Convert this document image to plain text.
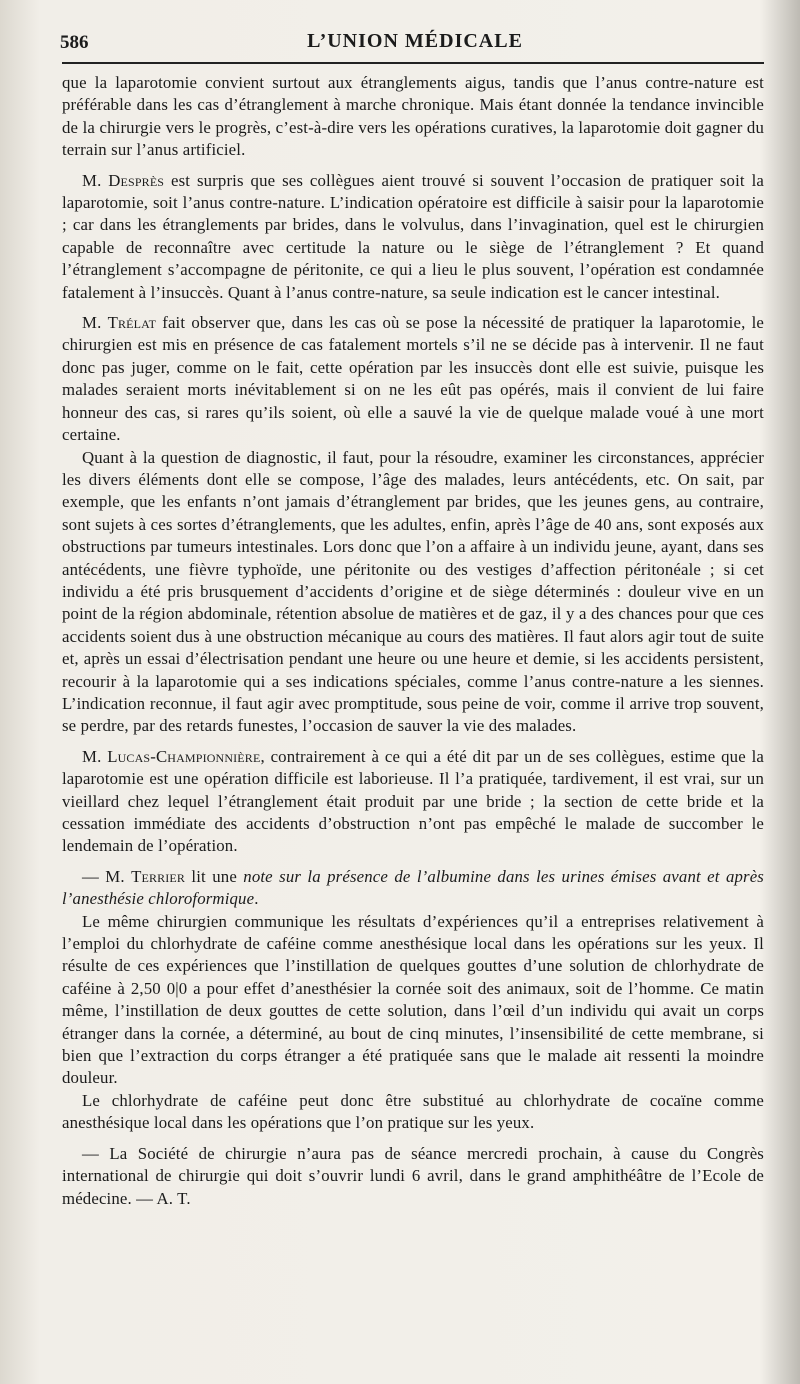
586	L’UNION MÉDICALE

que la laparotomie convient surtout aux étranglements aigus, tandis que l’anus contre-nature est préférable dans les cas d’étranglement à marche chronique. Mais étant donnée la tendance invincible de la chirurgie vers le progrès, c’est-à-dire vers les opérations curatives, la laparotomie doit gagner du terrain sur l’anus artificiel.

M. Desprès est surpris que ses collègues aient trouvé si souvent l’occasion de pratiquer soit la laparotomie, soit l’anus contre-nature. L’indication opératoire est difficile à saisir pour la laparotomie ; car dans les étranglements par brides, dans le volvulus, dans l’invagination, quel est le chirurgien capable de reconnaître avec certitude la nature ou le siège de l’étranglement ? Et quand l’étranglement s’accompagne de péritonite, ce qui a lieu le plus souvent, l’opération est condamnée fatalement à l’insuccès. Quant à l’anus contre-nature, sa seule indication est le cancer intestinal.

M. Trélat fait observer que, dans les cas où se pose la nécessité de pratiquer la laparotomie, le chirurgien est mis en présence de cas fatalement mortels s’il ne se décide pas à intervenir. Il ne faut donc pas juger, comme on le fait, cette opération par les insuccès dont elle est suivie, puisque les malades seraient morts inévitablement si on ne les eût pas opérés, mais il convient de lui faire honneur des cas, si rares qu’ils soient, où elle a sauvé la vie de quelque malade voué à une mort certaine.

Quant à la question de diagnostic, il faut, pour la résoudre, examiner les circonstances, apprécier les divers éléments dont elle se compose, l’âge des malades, leurs antécédents, etc. On sait, par exemple, que les enfants n’ont jamais d’étranglement par brides, que les jeunes gens, au contraire, sont sujets à ces sortes d’étranglements, que les adultes, enfin, après l’âge de 40 ans, sont exposés aux obstructions par tumeurs intestinales. Lors donc que l’on a affaire à un individu jeune, ayant, dans ses antécédents, une fièvre typhoïde, une péritonite ou des vestiges d’affection péritonéale ; si cet individu a été pris brusquement d’accidents d’origine et de siège déterminés : douleur vive en un point de la région abdominale, rétention absolue de matières et de gaz, il y a des chances pour que ces accidents soient dus à une obstruction mécanique au cours des matières. Il faut alors agir tout de suite et, après un essai d’électrisation pendant une heure ou une heure et demie, si les accidents persistent, recourir à la laparotomie qui a ses indications spéciales, comme l’anus contre-nature a les siennes. L’indication reconnue, il faut agir avec promptitude, sous peine de voir, comme il arrive trop souvent, se perdre, par des retards funestes, l’occasion de sauver la vie des malades.

M. Lucas-Championnière, contrairement à ce qui a été dit par un de ses collègues, estime que la laparotomie est une opération difficile est laborieuse. Il l’a pratiquée, tardivement, il est vrai, sur un vieillard chez lequel l’étranglement était produit par une bride ; la section de cette bride et la cessation immédiate des accidents d’obstruction n’ont pas empêché le malade de succomber le lendemain de l’opération.

— M. Terrier lit une note sur la présence de l’albumine dans les urines émises avant et après l’anesthésie chloroformique.

Le même chirurgien communique les résultats d’expériences qu’il a entreprises relativement à l’emploi du chlorhydrate de caféine comme anesthésique local dans les opérations sur les yeux. Il résulte de ces expériences que l’instillation de quelques gouttes d’une solution de chlorhydrate de caféine à 2,50 0|0 a pour effet d’anesthésier la cornée soit des animaux, soit de l’homme. Ce matin même, l’instillation de deux gouttes de cette solution, dans l’œil d’un individu qui avait un corps étranger dans la cornée, a déterminé, au bout de cinq minutes, l’insensibilité de cette membrane, si bien que l’extraction du corps étranger a été pratiquée sans que le malade ait ressenti la moindre douleur.

Le chlorhydrate de caféine peut donc être substitué au chlorhydrate de cocaïne comme anesthésique local dans les opérations que l’on pratique sur les yeux.

— La Société de chirurgie n’aura pas de séance mercredi prochain, à cause du Congrès international de chirurgie qui doit s’ouvrir lundi 6 avril, dans le grand amphithéâtre de l’Ecole de médecine. — A. T.
